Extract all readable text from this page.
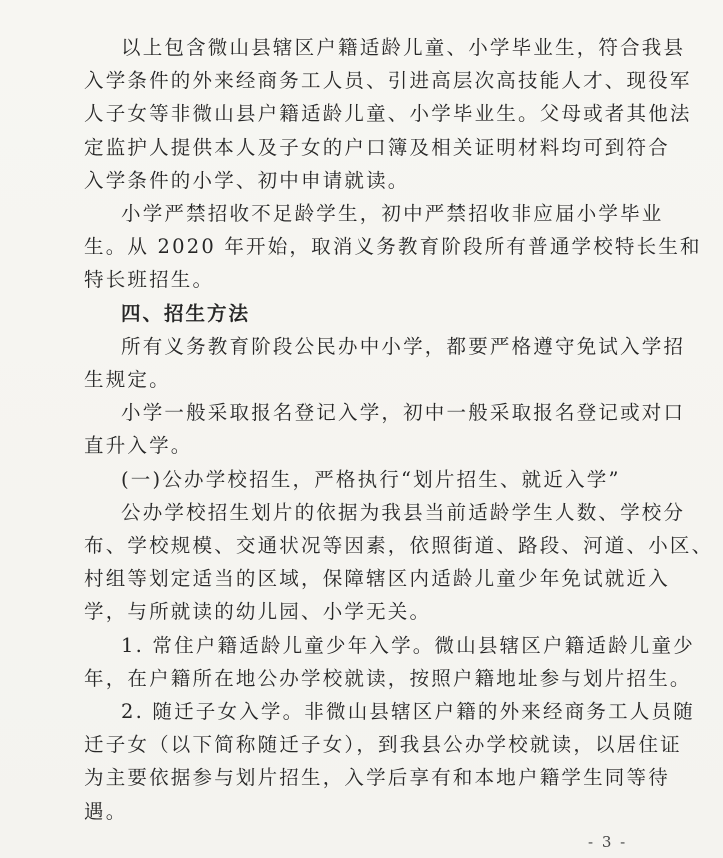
以上包含微山县辖区户籍适龄儿童、小学毕业生，符合我县
入学条件的外来经商务工人员、引进高层次高技能人才、现役军
人子女等非微山县户籍适龄儿童、小学毕业生。父母或者其他法
定监护人提供本人及子女的户口簿及相关证明材料均可到符合
入学条件的小学、初中申请就读。
小学严禁招收不足龄学生，初中严禁招收非应届小学毕业
生。从 2020 年开始，取消义务教育阶段所有普通学校特长生和
特长班招生。
四、招生方法
所有义务教育阶段公民办中小学，都要严格遵守免试入学招
生规定。
小学一般采取报名登记入学，初中一般采取报名登记或对口
直升入学。
(一)公办学校招生，严格执行“划片招生、就近入学”
公办学校招生划片的依据为我县当前适龄学生人数、学校分
布、学校规模、交通状况等因素，依照街道、路段、河道、小区、
村组等划定适当的区域，保障辖区内适龄儿童少年免试就近入
学，与所就读的幼儿园、小学无关。
1. 常住户籍适龄儿童少年入学。微山县辖区户籍适龄儿童少
年，在户籍所在地公办学校就读，按照户籍地址参与划片招生。
2. 随迁子女入学。非微山县辖区户籍的外来经商务工人员随
迁子女（以下简称随迁子女），到我县公办学校就读，以居住证
为主要依据参与划片招生，入学后享有和本地户籍学生同等待
遇。
- 3 -
